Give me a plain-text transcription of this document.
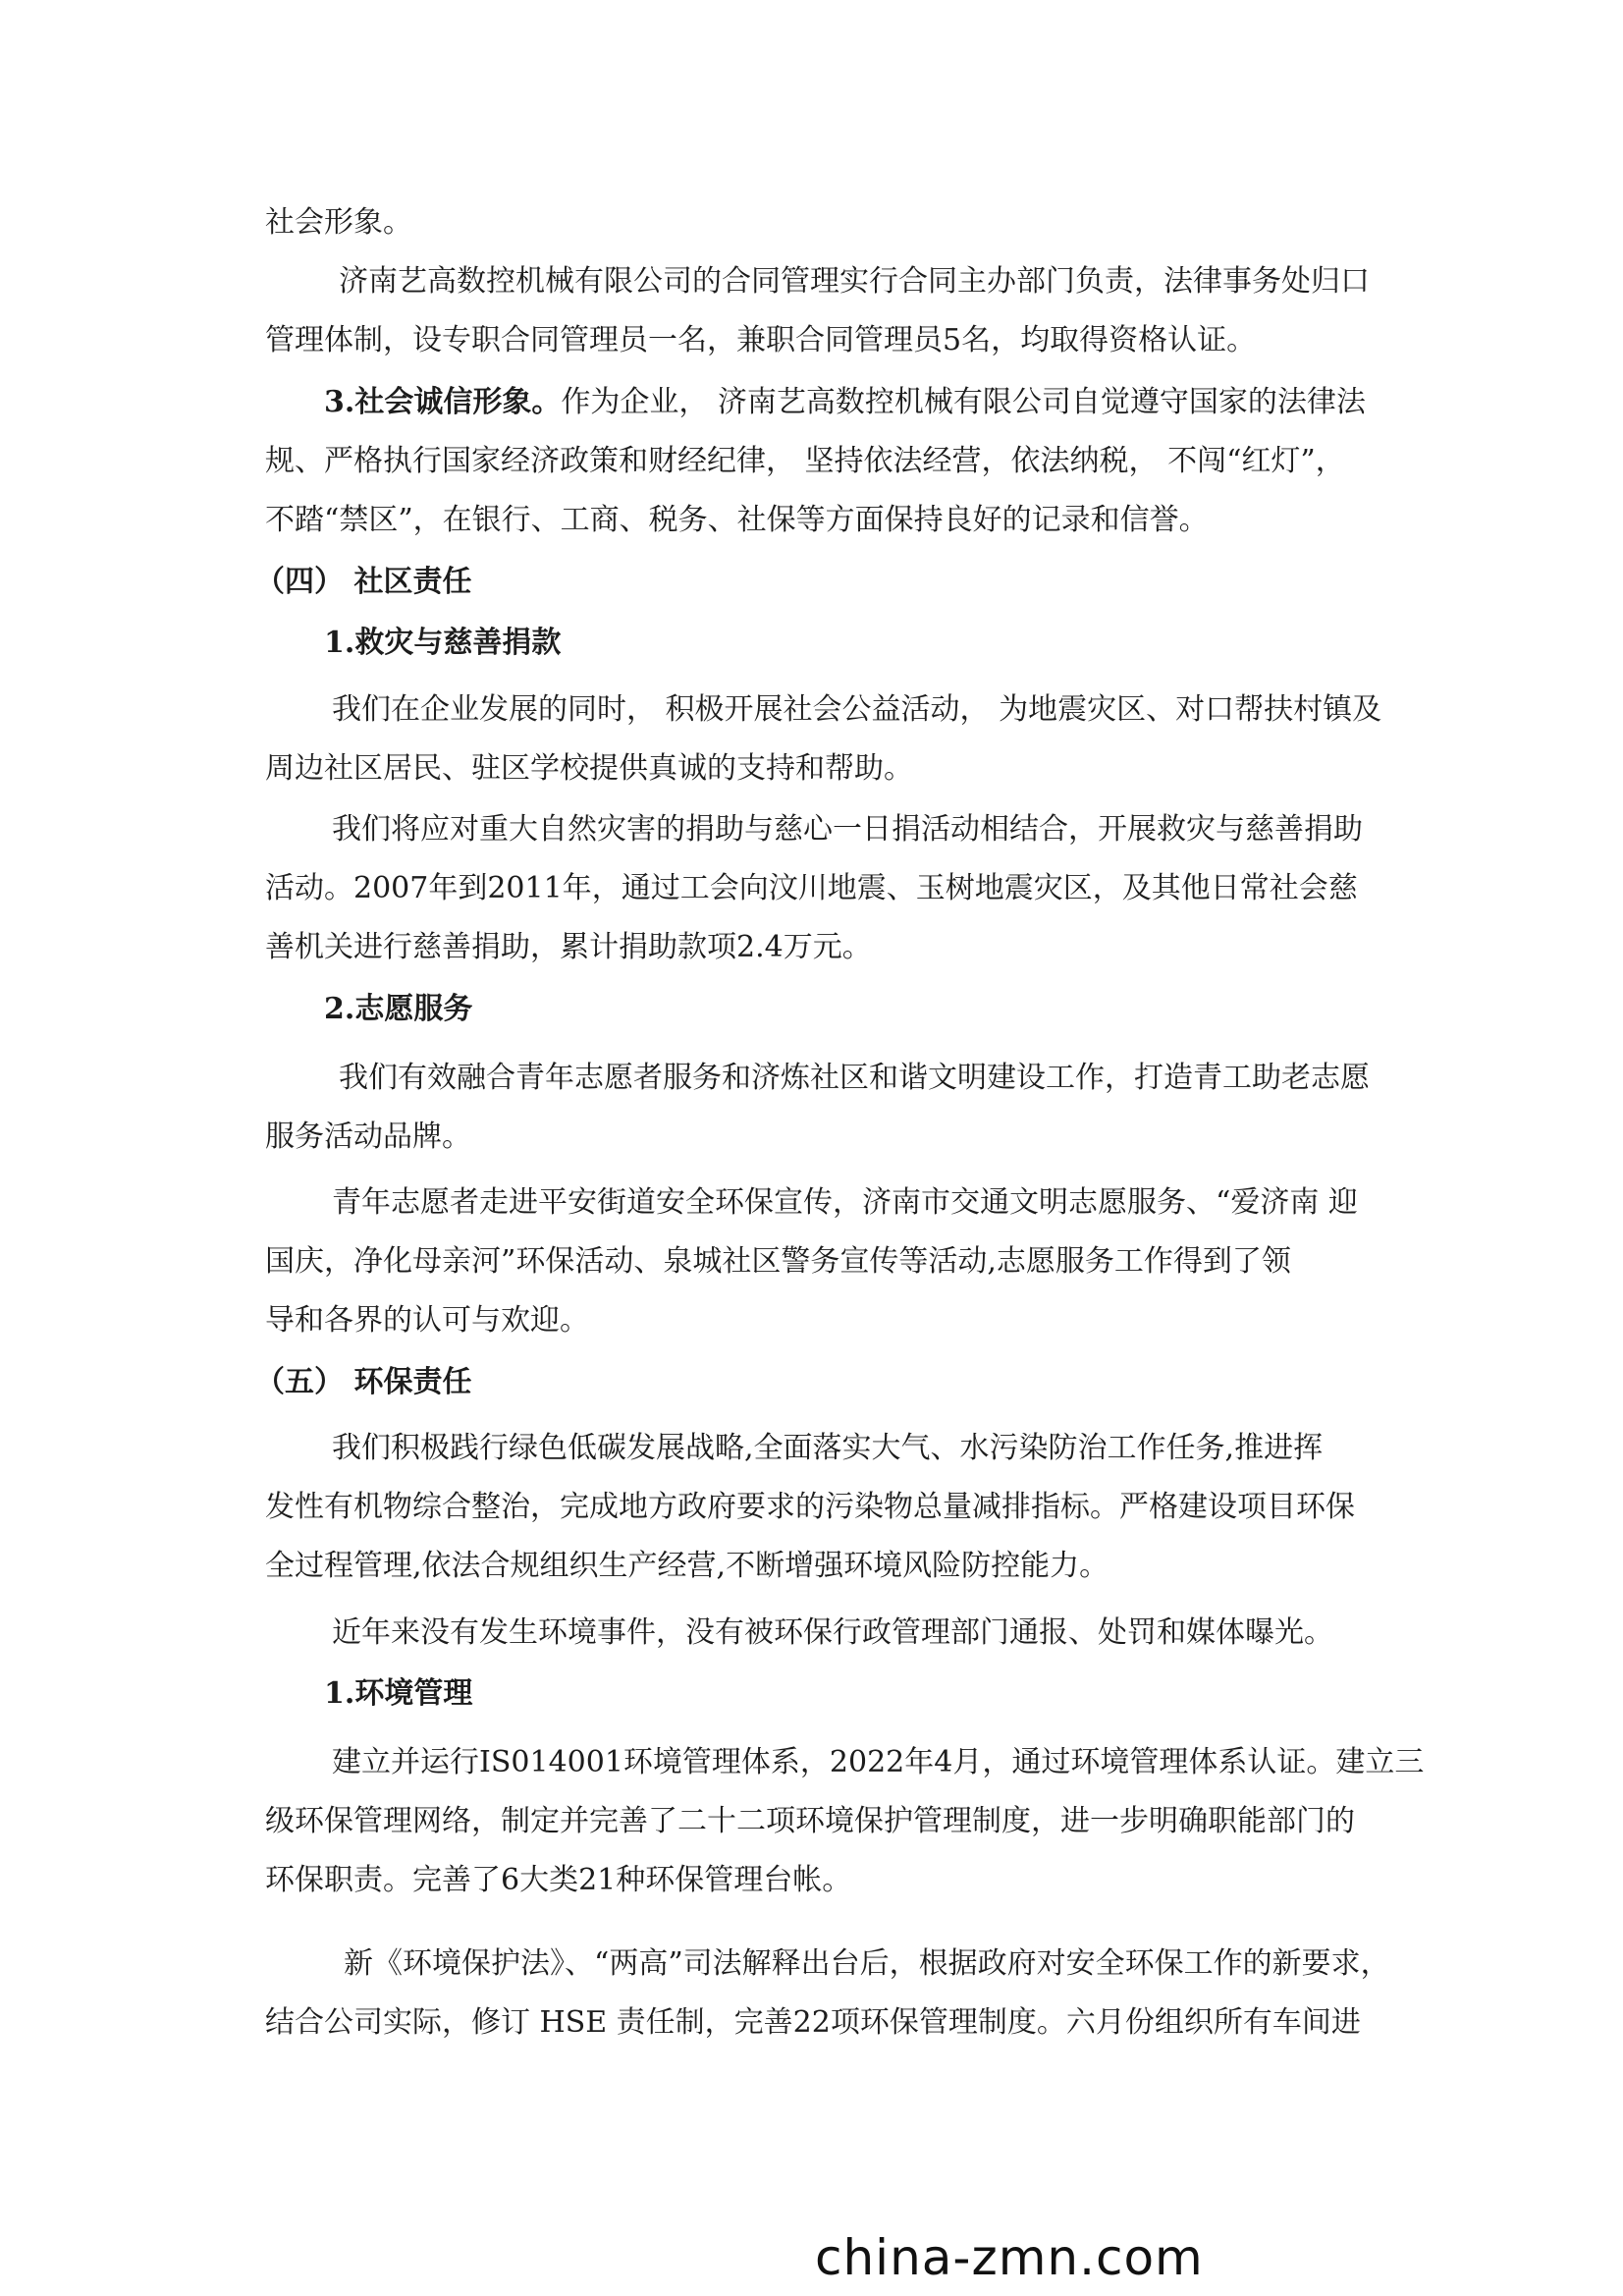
社会形象。
济南艺高数控机械有限公司的合同管理实行合同主办部门负责，法律事务处归口
管理体制，设专职合同管理员一名，兼职合同管理员5名，均取得资格认证。
3.社会诚信形象。作为企业， 济南艺高数控机械有限公司自觉遵守国家的法律法
规、严格执行国家经济政策和财经纪律， 坚持依法经营，依法纳税， 不闯“红灯”，
不踏“禁区”，在银行、工商、税务、社保等方面保持良好的记录和信誉。
（四） 社区责任
1.救灾与慈善捐款
我们在企业发展的同时， 积极开展社会公益活动， 为地震灾区、对口帮扶村镇及
周边社区居民、驻区学校提供真诚的支持和帮助。
我们将应对重大自然灾害的捐助与慈心一日捐活动相结合，开展救灾与慈善捐助
活动。2007年到2011年，通过工会向汶川地震、玉树地震灾区，及其他日常社会慈
善机关进行慈善捐助，累计捐助款项2.4万元。
2.志愿服务
我们有效融合青年志愿者服务和济炼社区和谐文明建设工作，打造青工助老志愿
服务活动品牌。
青年志愿者走进平安街道安全环保宣传，济南市交通文明志愿服务、“爱济南 迎
国庆，净化母亲河”环保活动、泉城社区警务宣传等活动,志愿服务工作得到了领
导和各界的认可与欢迎。
（五） 环保责任
我们积极践行绿色低碳发展战略,全面落实大气、水污染防治工作任务,推进挥
发性有机物综合整治，完成地方政府要求的污染物总量减排指标。严格建设项目环保
全过程管理,依法合规组织生产经营,不断增强环境风险防控能力。
近年来没有发生环境事件，没有被环保行政管理部门通报、处罚和媒体曝光。
1.环境管理
建立并运行IS014001环境管理体系，2022年4月，通过环境管理体系认证。建立三
级环保管理网络，制定并完善了二十二项环境保护管理制度，进一步明确职能部门的
环保职责。完善了6大类21种环保管理台帐。
新《环境保护法》、“两高”司法解释出台后，根据政府对安全环保工作的新要求，
结合公司实际，修订 HSE 责任制，完善22项环保管理制度。六月份组织所有车间进
china-zmn.com
